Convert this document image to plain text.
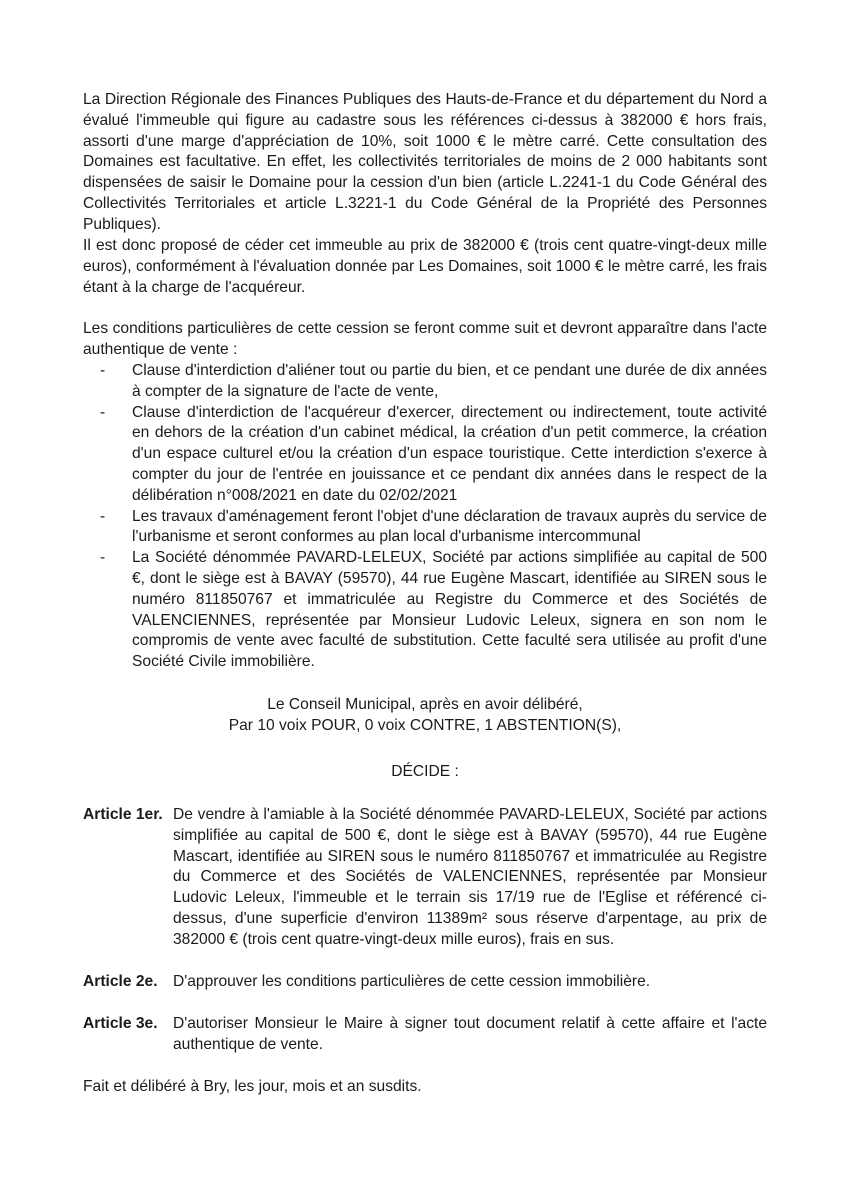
La Direction Régionale des Finances Publiques des Hauts-de-France et du département du Nord a évalué l'immeuble qui figure au cadastre sous les références ci-dessus à 382000 € hors frais, assorti d'une marge d'appréciation de 10%, soit 1000 € le mètre carré. Cette consultation des Domaines est facultative. En effet, les collectivités territoriales de moins de 2 000 habitants sont dispensées de saisir le Domaine pour la cession d'un bien (article L.2241-1 du Code Général des Collectivités Territoriales et article L.3221-1 du Code Général de la Propriété des Personnes Publiques).

Il est donc proposé de céder cet immeuble au prix de 382000 € (trois cent quatre-vingt-deux mille euros), conformément à l'évaluation donnée par Les Domaines, soit 1000 € le mètre carré, les frais étant à la charge de l'acquéreur.

Les conditions particulières de cette cession se feront comme suit et devront apparaître dans l'acte authentique de vente :

- Clause d'interdiction d'aliéner tout ou partie du bien, et ce pendant une durée de dix années à compter de la signature de l'acte de vente,
- Clause d'interdiction de l'acquéreur d'exercer, directement ou indirectement, toute activité en dehors de la création d'un cabinet médical, la création d'un petit commerce, la création d'un espace culturel et/ou la création d'un espace touristique. Cette interdiction s'exerce à compter du jour de l'entrée en jouissance et ce pendant dix années dans le respect de la délibération n°008/2021 en date du 02/02/2021
- Les travaux d'aménagement feront l'objet d'une déclaration de travaux auprès du service de l'urbanisme et seront conformes au plan local d'urbanisme intercommunal
- La Société dénommée PAVARD-LELEUX, Société par actions simplifiée au capital de 500 €, dont le siège est à BAVAY (59570), 44 rue Eugène Mascart, identifiée au SIREN sous le numéro 811850767 et immatriculée au Registre du Commerce et des Sociétés de VALENCIENNES, représentée par Monsieur Ludovic Leleux, signera en son nom le compromis de vente avec faculté de substitution. Cette faculté sera utilisée au profit d'une Société Civile immobilière.

Le Conseil Municipal, après en avoir délibéré,

Par 10 voix POUR, 0 voix CONTRE, 1 ABSTENTION(S),

DÉCIDE :

Article 1er. De vendre à l'amiable à la Société dénommée PAVARD-LELEUX, Société par actions simplifiée au capital de 500 €, dont le siège est à BAVAY (59570), 44 rue Eugène Mascart, identifiée au SIREN sous le numéro 811850767 et immatriculée au Registre du Commerce et des Sociétés de VALENCIENNES, représentée par Monsieur Ludovic Leleux, l'immeuble et le terrain sis 17/19 rue de l'Eglise et référencé ci-dessus, d'une superficie d'environ 11389m² sous réserve d'arpentage, au prix de 382000 € (trois cent quatre-vingt-deux mille euros), frais en sus.
Article 2e. D'approuver les conditions particulières de cette cession immobilière.
Article 3e. D'autoriser Monsieur le Maire à signer tout document relatif à cette affaire et l'acte authentique de vente.

Fait et délibéré à Bry, les jour, mois et an susdits.
